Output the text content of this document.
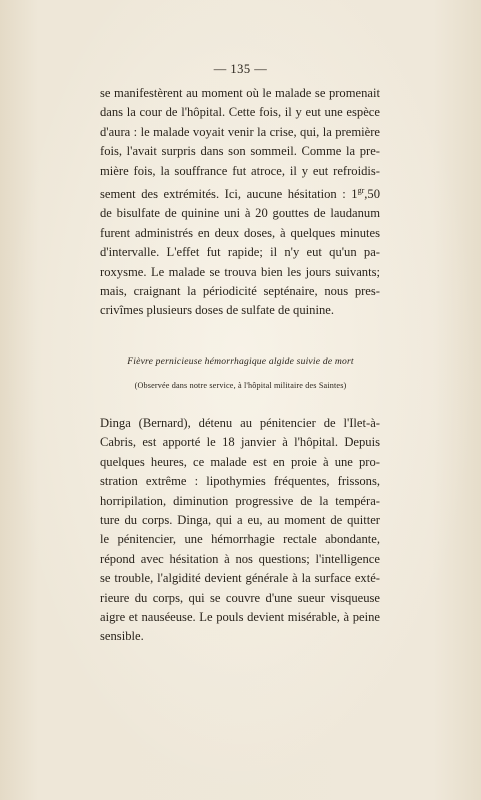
— 135 —

se manifestèrent au moment où le malade se promenait
dans la cour de l'hôpital. Cette fois, il y eut une espèce
d'aura : le malade voyait venir la crise, qui, la première
fois, l'avait surpris dans son sommeil. Comme la pre-
mière fois, la souffrance fut atroce, il y eut refroidis-
sement des extrémités. Ici, aucune hésitation : $1^{gr},50$
de bisulfate de quinine uni à 20 gouttes de laudanum
furent administrés en deux doses, à quelques minutes
d'intervalle. L'effet fut rapide; il n'y eut qu'un pa-
roxysme. Le malade se trouva bien les jours suivants;
mais, craignant la périodicité septénaire, nous pres-
crivîmes plusieurs doses de sulfate de quinine.

Fièvre pernicieuse hémorrhagique algide suivie de mort
(Observée dans notre service, à l'hôpital militaire des Saintes)

Dinga (Bernard), détenu au pénitencier de l'Ilet-à-
Cabris, est apporté le 18 janvier à l'hôpital. Depuis
quelques heures, ce malade est en proie à une pro-
stration extrême : lipothymies fréquentes, frissons,
horripilation, diminution progressive de la tempéra-
ture du corps. Dinga, qui a eu, au moment de quitter
le pénitencier, une hémorrhagie rectale abondante,
répond avec hésitation à nos questions; l'intelligence
se trouble, l'algidité devient générale à la surface exté-
rieure du corps, qui se couvre d'une sueur visqueuse
aigre et nauséeuse. Le pouls devient misérable, à peine
sensible.
